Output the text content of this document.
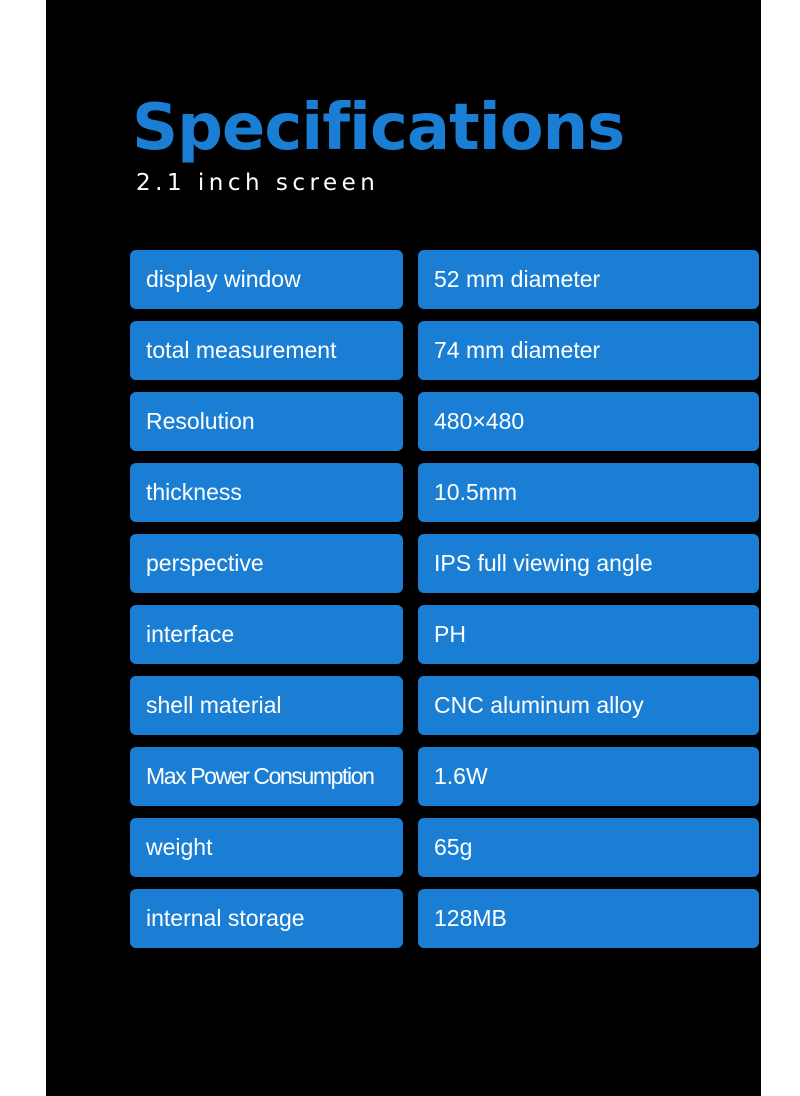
Specifications
2.1 inch screen
display window	52 mm diameter
total measurement	74 mm diameter
Resolution	480×480
thickness	10.5mm
perspective	IPS full viewing angle
interface	PH
shell material	CNC aluminum alloy
Max Power Consumption	1.6W
weight	65g
internal storage	128MB
